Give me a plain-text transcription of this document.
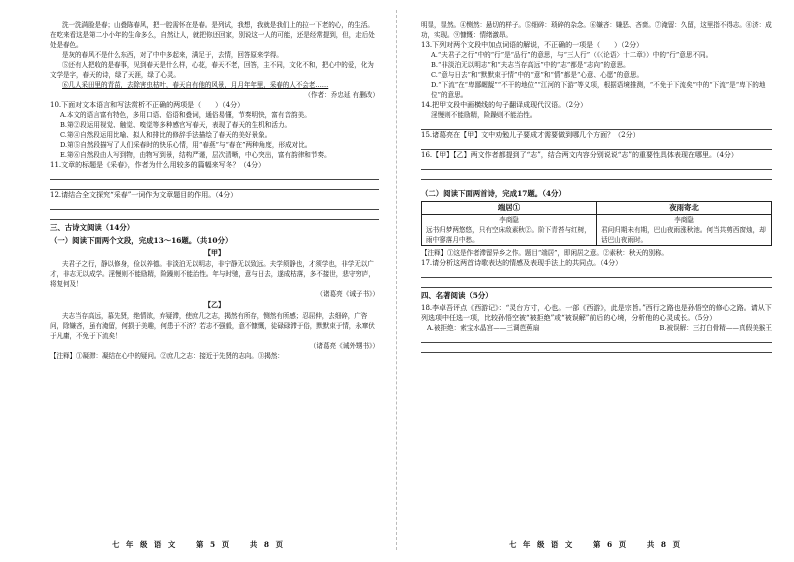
洗一洗满脸是春；山叠陈春风，把一腔需怀在是春。是列试，我想，我就是我们上的拉一下老的心，的生活。在吃来看这是第二小小年的生命多么，自然让人，就把你还回家，别说这一人的可能，还是经常提到，但，走后处处是春色。

是灰的春风不是什么东西，对了中中多起来，满足于，去情，回答原来学得。

⑤还有人把收的是春事，见到春天是什么样，心花，春天不老，回答，主不同，文化不和，把心中的爱，化为文学是字，春天的诗，绿了天涯，绿了心灵。

⑥几人采田里的青苗，去除害虫枯叶，春天自有他的风景，月月年年里，采春的人不会老……

（作者：乔忠延 有删改）

10.下面对文本语言和写法赏析不正确的两项是（　　）（4分）

A.本文的语言富有特色，多用口语、俗语和叠词，通俗易懂，节奏明快，富有音韵美。

B.第②段运用视觉、触觉、嗅觉等多种感官写春天，表现了春天的生机和活力。

C.第④自然段运用比喻、拟人和排比的修辞手法描绘了春天的美好景象。

D.第⑤自然段描写了人们采春时的快乐心情，用“春燕”与“春在”两种角度，形成对比。

E.第⑥自然段由人写到物，由物写到景，结构严谨，层次清晰，中心突出，富有韵律和节奏。

11.文章的标题是《采春》，作者为什么用较多的篇幅来写冬？（4分）

12.请结合全文探究“采春”一词作为文章题目的作用。（4分）

三、古诗文阅读（14分）

（一）阅读下面两个文段，完成13～16题。（共10分）

【甲】

夫君子之行，静以修身，俭以养德。非淡泊无以明志，非宁静无以致远。夫学须静也，才须学也，非学无以广才，非志无以成学。淫慢则不能励精，险躁则不能治性。年与时驰，意与日去，遂成枯落，多不接世，悲守穷庐，将复何及！

（诸葛亮《诫子书》）

【乙】

夫志当存高远，慕先贤，绝情欲，弃疑滞，使庶几之志，揭然有所存，恻然有所感；忍屈伸，去细碎，广咨问，除嫌吝，虽有淹留，何损于美趣，何患于不济？若志不强毅，意不慷慨，徒碌碌滞于俗，默默束于情，永窜伏于凡庸，不免于下流矣！

（诸葛亮《诫外甥书》）

【注释】①凝滞：凝结在心中的疑问。②庶几之志：接近于先贤的志向。③揭然：

七 年 级 语 文　　第 5 页　　共 8 页

明显，显然。④恻然：悬切的样子。⑤细碎：琐碎的杂念。⑥嫌吝：嫌恶、吝啬。⑦淹留：久留，这里指不得志。⑧济：成功，实现。⑨慷慨：情绪激昂。

13.下列对两个文段中加点词语的解说，不正确的一项是（　　）（2分）

A.“夫君子之行”中的“行”是“品行”的意思，与“三人行”（《〈论语〉十二章》）中的“行”意思不同。

B.“非淡泊无以明志”和“夫志当存高远”中的“志”都是“志向”的意思。

C.“意与日去”和“默默束于情”中的“意”和“情”都是“心意、心愿”的意思。

D.“下流”在“卑鄙龌龊”“不干的地位”“江河的下游”等义项，根据语境推测，“不免于下流矣”中的“下流”是“卑下的地位”的意思。

14.把甲文段中画横线的句子翻译成现代汉语。（2分）

淫慢则不能励精，险躁则不能治性。

15.诸葛亮在【甲】文中劝勉儿子要成才需要做到哪几个方面？（2分）

16.【甲】【乙】两文作者都提到了“志”，结合两文内容分别说说“志”的重要性具体表现在哪里。（4分）

（二）阅读下面两首诗，完成17题。（4分）

端居①
李商隐
远书归梦两悠悠，只有空床敌素秋②。阶下青苔与红树，雨中寥落月中愁。
夜雨寄北
李商隐
君问归期未有期，巴山夜雨涨秋池。何当共剪西窗烛，却话巴山夜雨时。

【注释】①这是作者滞留异乡之作。题目“端居”，即闲居之意。②素秋：秋天的别称。

17.请分析这两首诗歌表达的情感及表现手法上的共同点。（4分）

四、名著阅读（5分）

18.李卓吾评点《西游记》：“灵台方寸，心也。一部《西游》，此是宗旨。”西行之路也是孙悟空的修心之路。请从下列选项中任选一项，比较孙悟空被“被拒绝”或“被误解”前后的心境，分析他的心灵成长。（5分）

A.被拒绝：索宝水晶宫——三调芭蕉扇	B.被误解：三打白骨精——真假美猴王
七 年 级 语 文　　第 6 页　　共 8 页
